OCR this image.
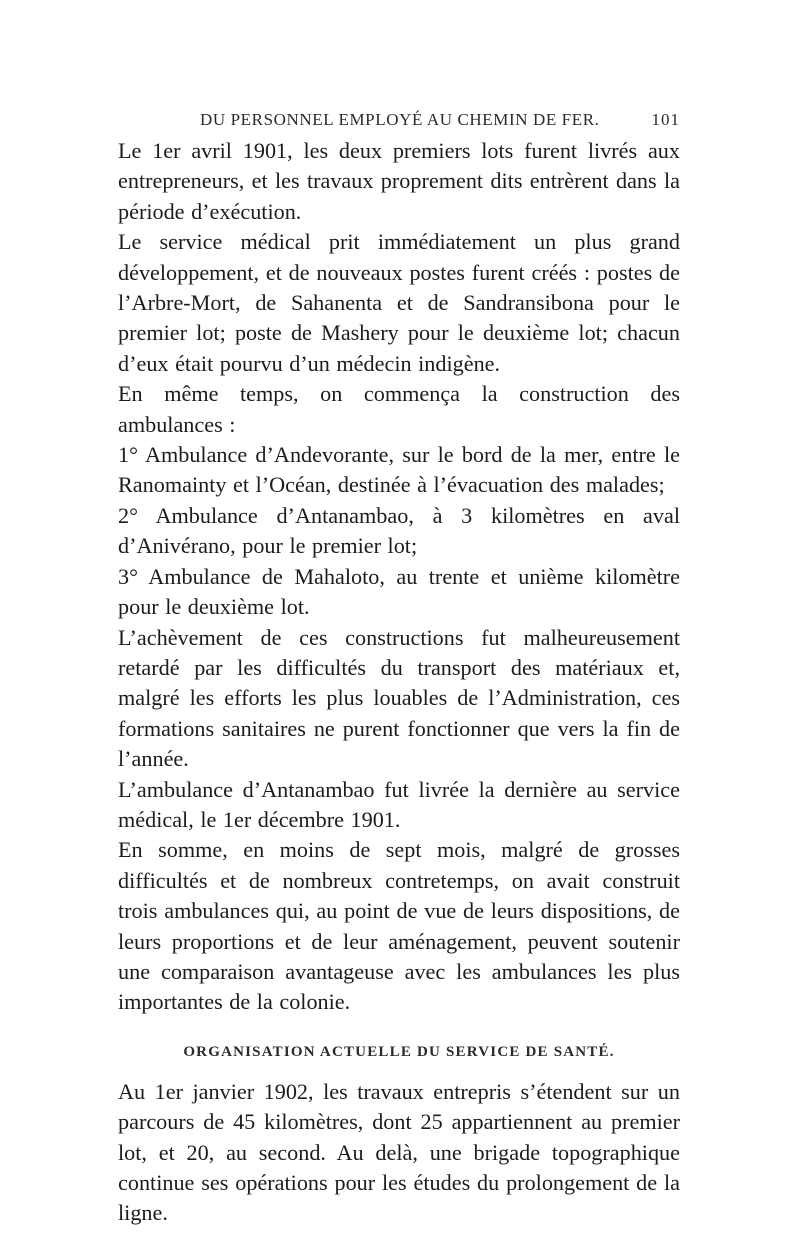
DU PERSONNEL EMPLOYÉ AU CHEMIN DE FER.	101

Le 1er avril 1901, les deux premiers lots furent livrés aux entrepreneurs, et les travaux proprement dits entrèrent dans la période d’exécution.

Le service médical prit immédiatement un plus grand développement, et de nouveaux postes furent créés : postes de l’Arbre-Mort, de Sahanenta et de Sandransibona pour le premier lot; poste de Mashery pour le deuxième lot; chacun d’eux était pourvu d’un médecin indigène.

En même temps, on commença la construction des ambulances :

1° Ambulance d’Andevorante, sur le bord de la mer, entre le Ranomainty et l’Océan, destinée à l’évacuation des malades;

2° Ambulance d’Antanambao, à 3 kilomètres en aval d’Anivérano, pour le premier lot;

3° Ambulance de Mahaloto, au trente et unième kilomètre pour le deuxième lot.

L’achèvement de ces constructions fut malheureusement retardé par les difficultés du transport des matériaux et, malgré les efforts les plus louables de l’Administration, ces formations sanitaires ne purent fonctionner que vers la fin de l’année.

L’ambulance d’Antanambao fut livrée la dernière au service médical, le 1er décembre 1901.

En somme, en moins de sept mois, malgré de grosses difficultés et de nombreux contretemps, on avait construit trois ambulances qui, au point de vue de leurs dispositions, de leurs proportions et de leur aménagement, peuvent soutenir une comparaison avantageuse avec les ambulances les plus importantes de la colonie.

ORGANISATION ACTUELLE DU SERVICE DE SANTÉ.

Au 1er janvier 1902, les travaux entrepris s’étendent sur un parcours de 45 kilomètres, dont 25 appartiennent au premier lot, et 20, au second. Au delà, une brigade topographique continue ses opérations pour les études du prolongement de la ligne.
